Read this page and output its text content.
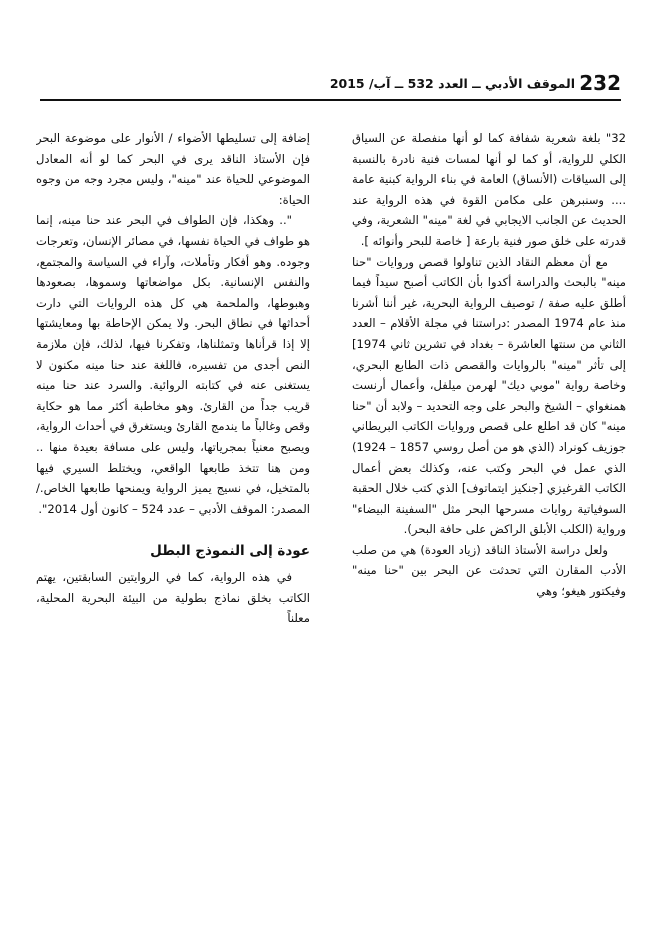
232
الموقف الأدبي ــ العدد 532 ــ آب/ 2015

32" بلغة شعرية شفافة كما لو أنها منفصلة عن السياق الكلي للرواية، أو كما لو أنها لمسات فنية نادرة بالنسبة إلى السياقات (الأنساق) العامة في بناء الرواية كبنية عامة .... وسنبرهن على مكامن القوة في هذه الرواية عند الحديث عن الجانب الايجابي في لغة "مينه" الشعرية، وفي قدرته على خلق صور فنية بارعة [ خاصة للبحر وأنوائه ].

مع أن معظم النقاد الذين تناولوا قصص وروايات "حنا مينه" بالبحث والدراسة أكدوا بأن الكاتب أصبح سيداً فيما أطلق عليه صفة / توصيف الرواية البحرية، غير أننا أشرنا منذ عام 1974 المصدر :دراستنا في مجلة الأقلام – العدد الثاني من سنتها العاشرة – بغداد في تشرين ثاني 1974] إلى تأثر "مينه" بالروايات والقصص ذات الطابع البحري، وخاصة رواية "موبي ديك" لهرمن ميلفل، وأعمال أرنست همنغواي – الشيخ والبحر على وجه التحديد – ولابد أن "حنا مينه" كان قد اطلع على قصص وروايات الكاتب البريطاني جوزيف كونراد (الذي هو من أصل روسي 1857 – 1924) الذي عمل في البحر وكتب عنه، وكذلك بعض أعمال الكاتب القرغيزي [جنكيز ايتماتوف] الذي كتب خلال الحقبة السوفياتية روايات مسرحها البحر مثل "السفينة البيضاء" ورواية (الكلب الأبلق الراكض على حافة البحر).

ولعل دراسة الأستاذ الناقد (زياد العودة) هي من صلب الأدب المقارن التي تحدثت عن البحر بين "حنا مينه" وفيكتور هيغو؛ وهي

إضافة إلى تسليطها الأضواء / الأنوار على موضوعة البحر فإن الأستاذ الناقد يرى في البحر كما لو أنه المعادل الموضوعي للحياة عند "مينه"، وليس مجرد وجه من وجوه الحياة:

".. وهكذا، فإن الطواف في البحر عند حنا مينه، إنما هو طواف في الحياة نفسها، في مصائر الإنسان، وتعرجات وجوده. وهو أفكار وتأملات، وآراء في السياسة والمجتمع، والنفس الإنسانية. بكل مواضعاتها وسموها، بصعودها وهبوطها، والملحمة هي كل هذه الروايات التي دارت أحداثها في نطاق البحر. ولا يمكن الإحاطة بها ومعايشتها إلا إذا قرأناها وتمثلناها، وتفكرنا فيها، لذلك، فإن ملازمة النص أجدى من تفسيره، فاللغة عند حنا مينه مكنون لا يستغنى عنه في كتابته الروائية. والسرد عند حنا مينه قريب جداً من القارئ. وهو مخاطبة أكثر مما هو حكاية وقص وغالباً ما يندمج القارئ ويستغرق في أحداث الرواية، ويصبح معنياً بمجرياتها، وليس على مسافة بعيدة منها .. ومن هنا تتخذ طابعها الواقعي، ويختلط السيري فيها بالمتخيل، في نسيج يميز الرواية ويمنحها طابعها الخاص./ المصدر: الموقف الأدبي – عدد 524 – كانون أول 2014".

عودة إلى النموذج البطل

في هذه الرواية، كما في الروايتين السابقتين، يهتم الكاتب بخلق نماذج بطولية من البيئة البحرية المحلية، معلناً
